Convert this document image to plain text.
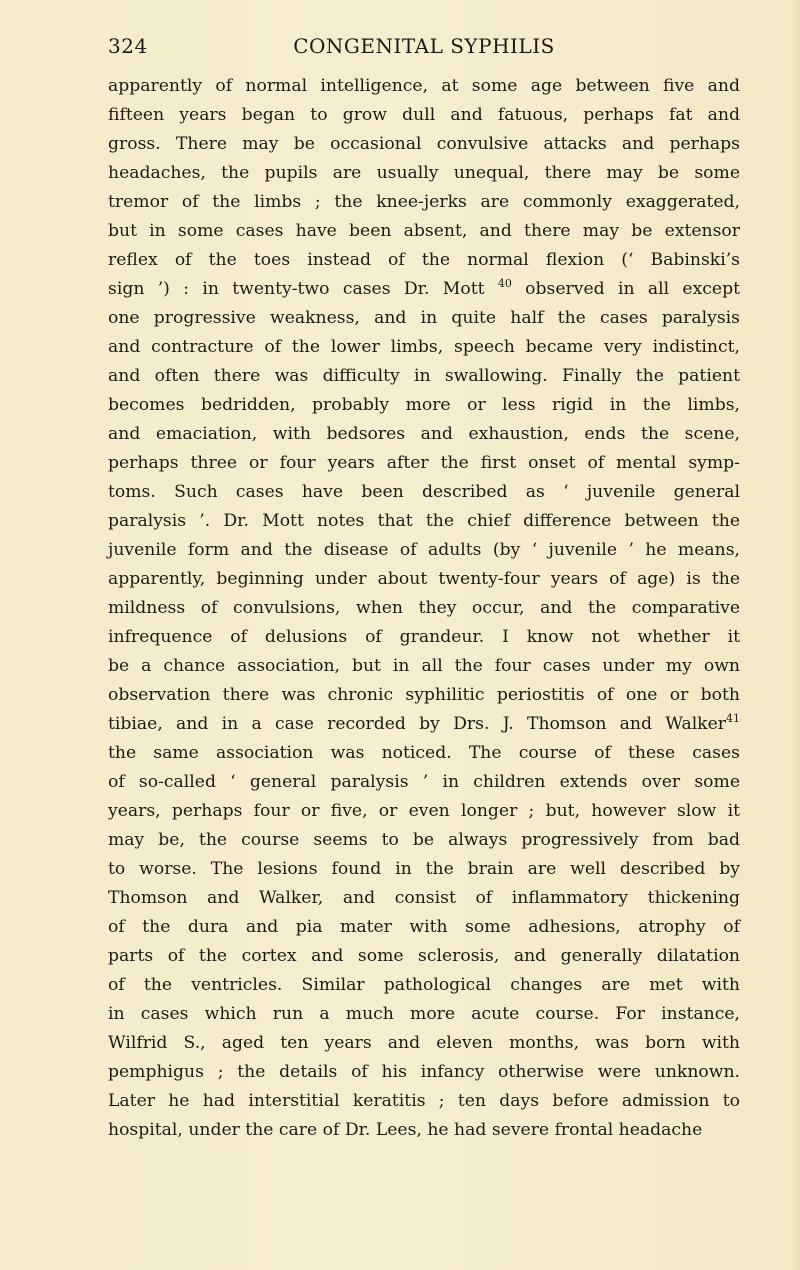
324	CONGENITAL SYPHILIS
apparently of normal intelligence, at some age between five and
fifteen years began to grow dull and fatuous, perhaps fat and
gross. There may be occasional convulsive attacks and perhaps
headaches, the pupils are usually unequal, there may be some
tremor of the limbs ; the knee-jerks are commonly exaggerated,
but in some cases have been absent, and there may be extensor
reflex of the toes instead of the normal flexion (‘ Babinski’s
sign ’) : in twenty-two cases Dr. Mott $^{40}$ observed in all except
one progressive weakness, and in quite half the cases paralysis
and contracture of the lower limbs, speech became very indistinct,
and often there was difficulty in swallowing. Finally the patient
becomes bedridden, probably more or less rigid in the limbs,
and emaciation, with bedsores and exhaustion, ends the scene,
perhaps three or four years after the first onset of mental symp-
toms. Such cases have been described as ‘ juvenile general
paralysis ’. Dr. Mott notes that the chief difference between the
juvenile form and the disease of adults (by ‘ juvenile ’ he means,
apparently, beginning under about twenty-four years of age) is the
mildness of convulsions, when they occur, and the comparative
infrequence of delusions of grandeur. I know not whether it
be a chance association, but in all the four cases under my own
observation there was chronic syphilitic periostitis of one or both
tibiae, and in a case recorded by Drs. J. Thomson and Walker$^{41}$
the same association was noticed. The course of these cases
of so-called ‘ general paralysis ’ in children extends over some
years, perhaps four or five, or even longer ; but, however slow it
may be, the course seems to be always progressively from bad
to worse. The lesions found in the brain are well described by
Thomson and Walker, and consist of inflammatory thickening
of the dura and pia mater with some adhesions, atrophy of
parts of the cortex and some sclerosis, and generally dilatation
of the ventricles. Similar pathological changes are met with
in cases which run a much more acute course. For instance,
Wilfrid S., aged ten years and eleven months, was born with
pemphigus ; the details of his infancy otherwise were unknown.
Later he had interstitial keratitis ; ten days before admission to
hospital, under the care of Dr. Lees, he had severe frontal headache
